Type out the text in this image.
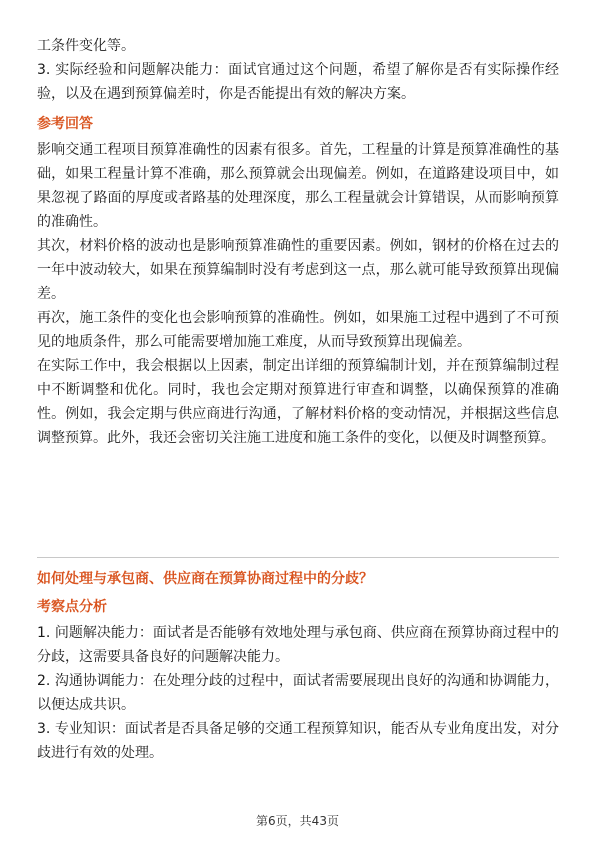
工条件变化等。

3. 实际经验和问题解决能力：面试官通过这个问题，希望了解你是否有实际操作经验，以及在遇到预算偏差时，你是否能提出有效的解决方案。

参考回答

影响交通工程项目预算准确性的因素有很多。首先，工程量的计算是预算准确性的基础，如果工程量计算不准确，那么预算就会出现偏差。例如，在道路建设项目中，如果忽视了路面的厚度或者路基的处理深度，那么工程量就会计算错误，从而影响预算的准确性。

其次，材料价格的波动也是影响预算准确性的重要因素。例如，钢材的价格在过去的一年中波动较大，如果在预算编制时没有考虑到这一点，那么就可能导致预算出现偏差。

再次，施工条件的变化也会影响预算的准确性。例如，如果施工过程中遇到了不可预见的地质条件，那么可能需要增加施工难度，从而导致预算出现偏差。

在实际工作中，我会根据以上因素，制定出详细的预算编制计划，并在预算编制过程中不断调整和优化。同时，我也会定期对预算进行审查和调整，以确保预算的准确性。例如，我会定期与供应商进行沟通，了解材料价格的变动情况，并根据这些信息调整预算。此外，我还会密切关注施工进度和施工条件的变化，以便及时调整预算。

如何处理与承包商、供应商在预算协商过程中的分歧？
考察点分析

1. 问题解决能力：面试者是否能够有效地处理与承包商、供应商在预算协商过程中的分歧，这需要具备良好的问题解决能力。

2. 沟通协调能力：在处理分歧的过程中，面试者需要展现出良好的沟通和协调能力，以便达成共识。

3. 专业知识：面试者是否具备足够的交通工程预算知识，能否从专业角度出发，对分歧进行有效的处理。

第6页，共43页
